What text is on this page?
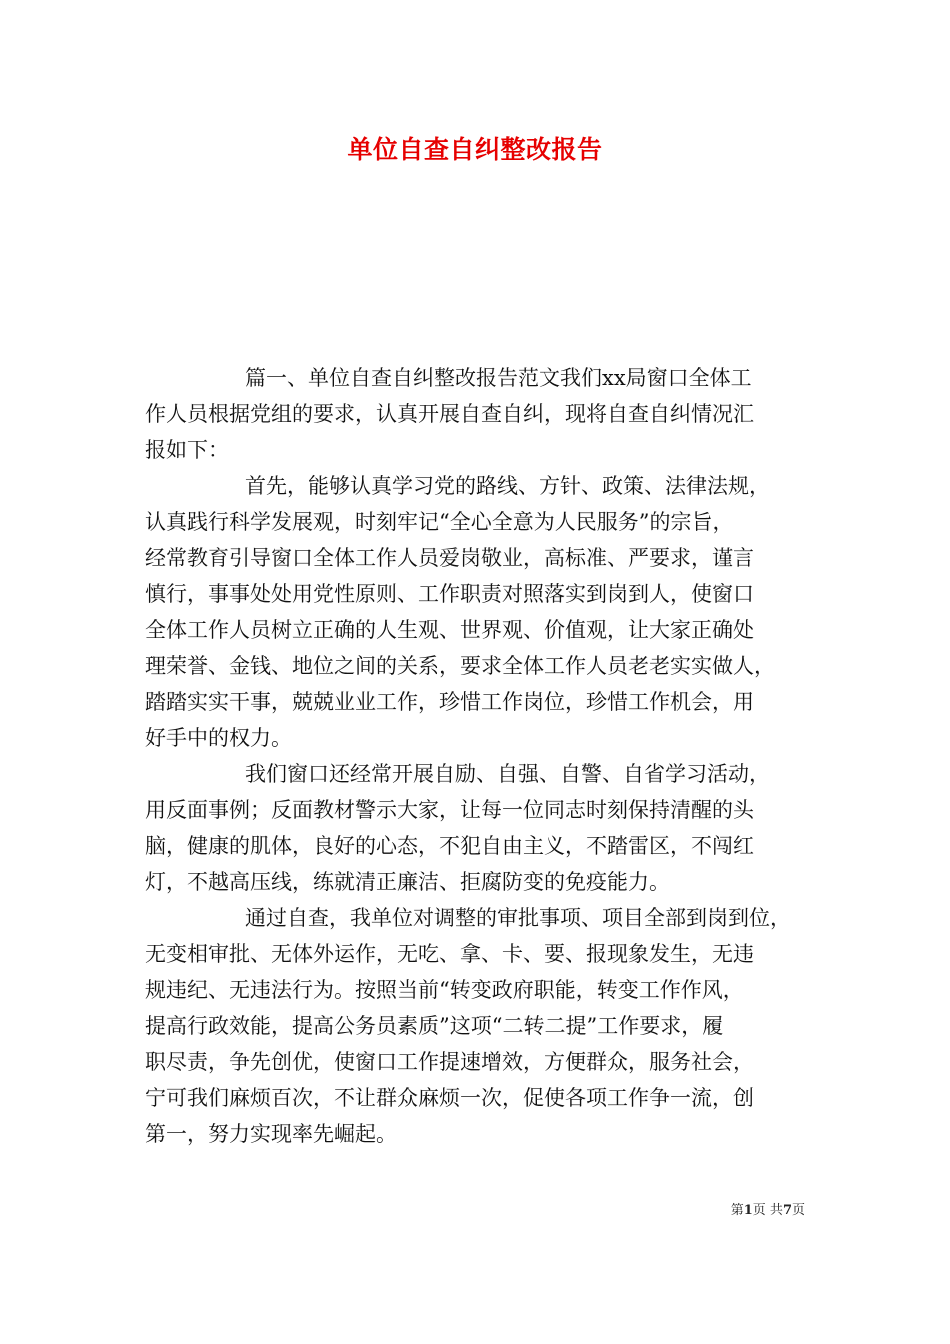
单位自查自纠整改报告

篇一、单位自查自纠整改报告范文我们xx局窗口全体工
作人员根据党组的要求，认真开展自查自纠，现将自查自纠情况汇
报如下：

首先，能够认真学习党的路线、方针、政策、法律法规，
认真践行科学发展观，时刻牢记“全心全意为人民服务”的宗旨，
经常教育引导窗口全体工作人员爱岗敬业，高标准、严要求，谨言
慎行，事事处处用党性原则、工作职责对照落实到岗到人，使窗口
全体工作人员树立正确的人生观、世界观、价值观，让大家正确处
理荣誉、金钱、地位之间的关系，要求全体工作人员老老实实做人，
踏踏实实干事，兢兢业业工作，珍惜工作岗位，珍惜工作机会，用
好手中的权力。

我们窗口还经常开展自励、自强、自警、自省学习活动，
用反面事例；反面教材警示大家，让每一位同志时刻保持清醒的头
脑，健康的肌体，良好的心态，不犯自由主义，不踏雷区，不闯红
灯，不越高压线，练就清正廉洁、拒腐防变的免疫能力。

通过自查，我单位对调整的审批事项、项目全部到岗到位，
无变相审批、无体外运作，无吃、拿、卡、要、报现象发生，无违
规违纪、无违法行为。按照当前“转变政府职能，转变工作作风，
提高行政效能，提高公务员素质”这项“二转二提”工作要求，履
职尽责，争先创优，使窗口工作提速增效，方便群众，服务社会，
宁可我们麻烦百次，不让群众麻烦一次，促使各项工作争一流，创
第一，努力实现率先崛起。

第1页 共7页
